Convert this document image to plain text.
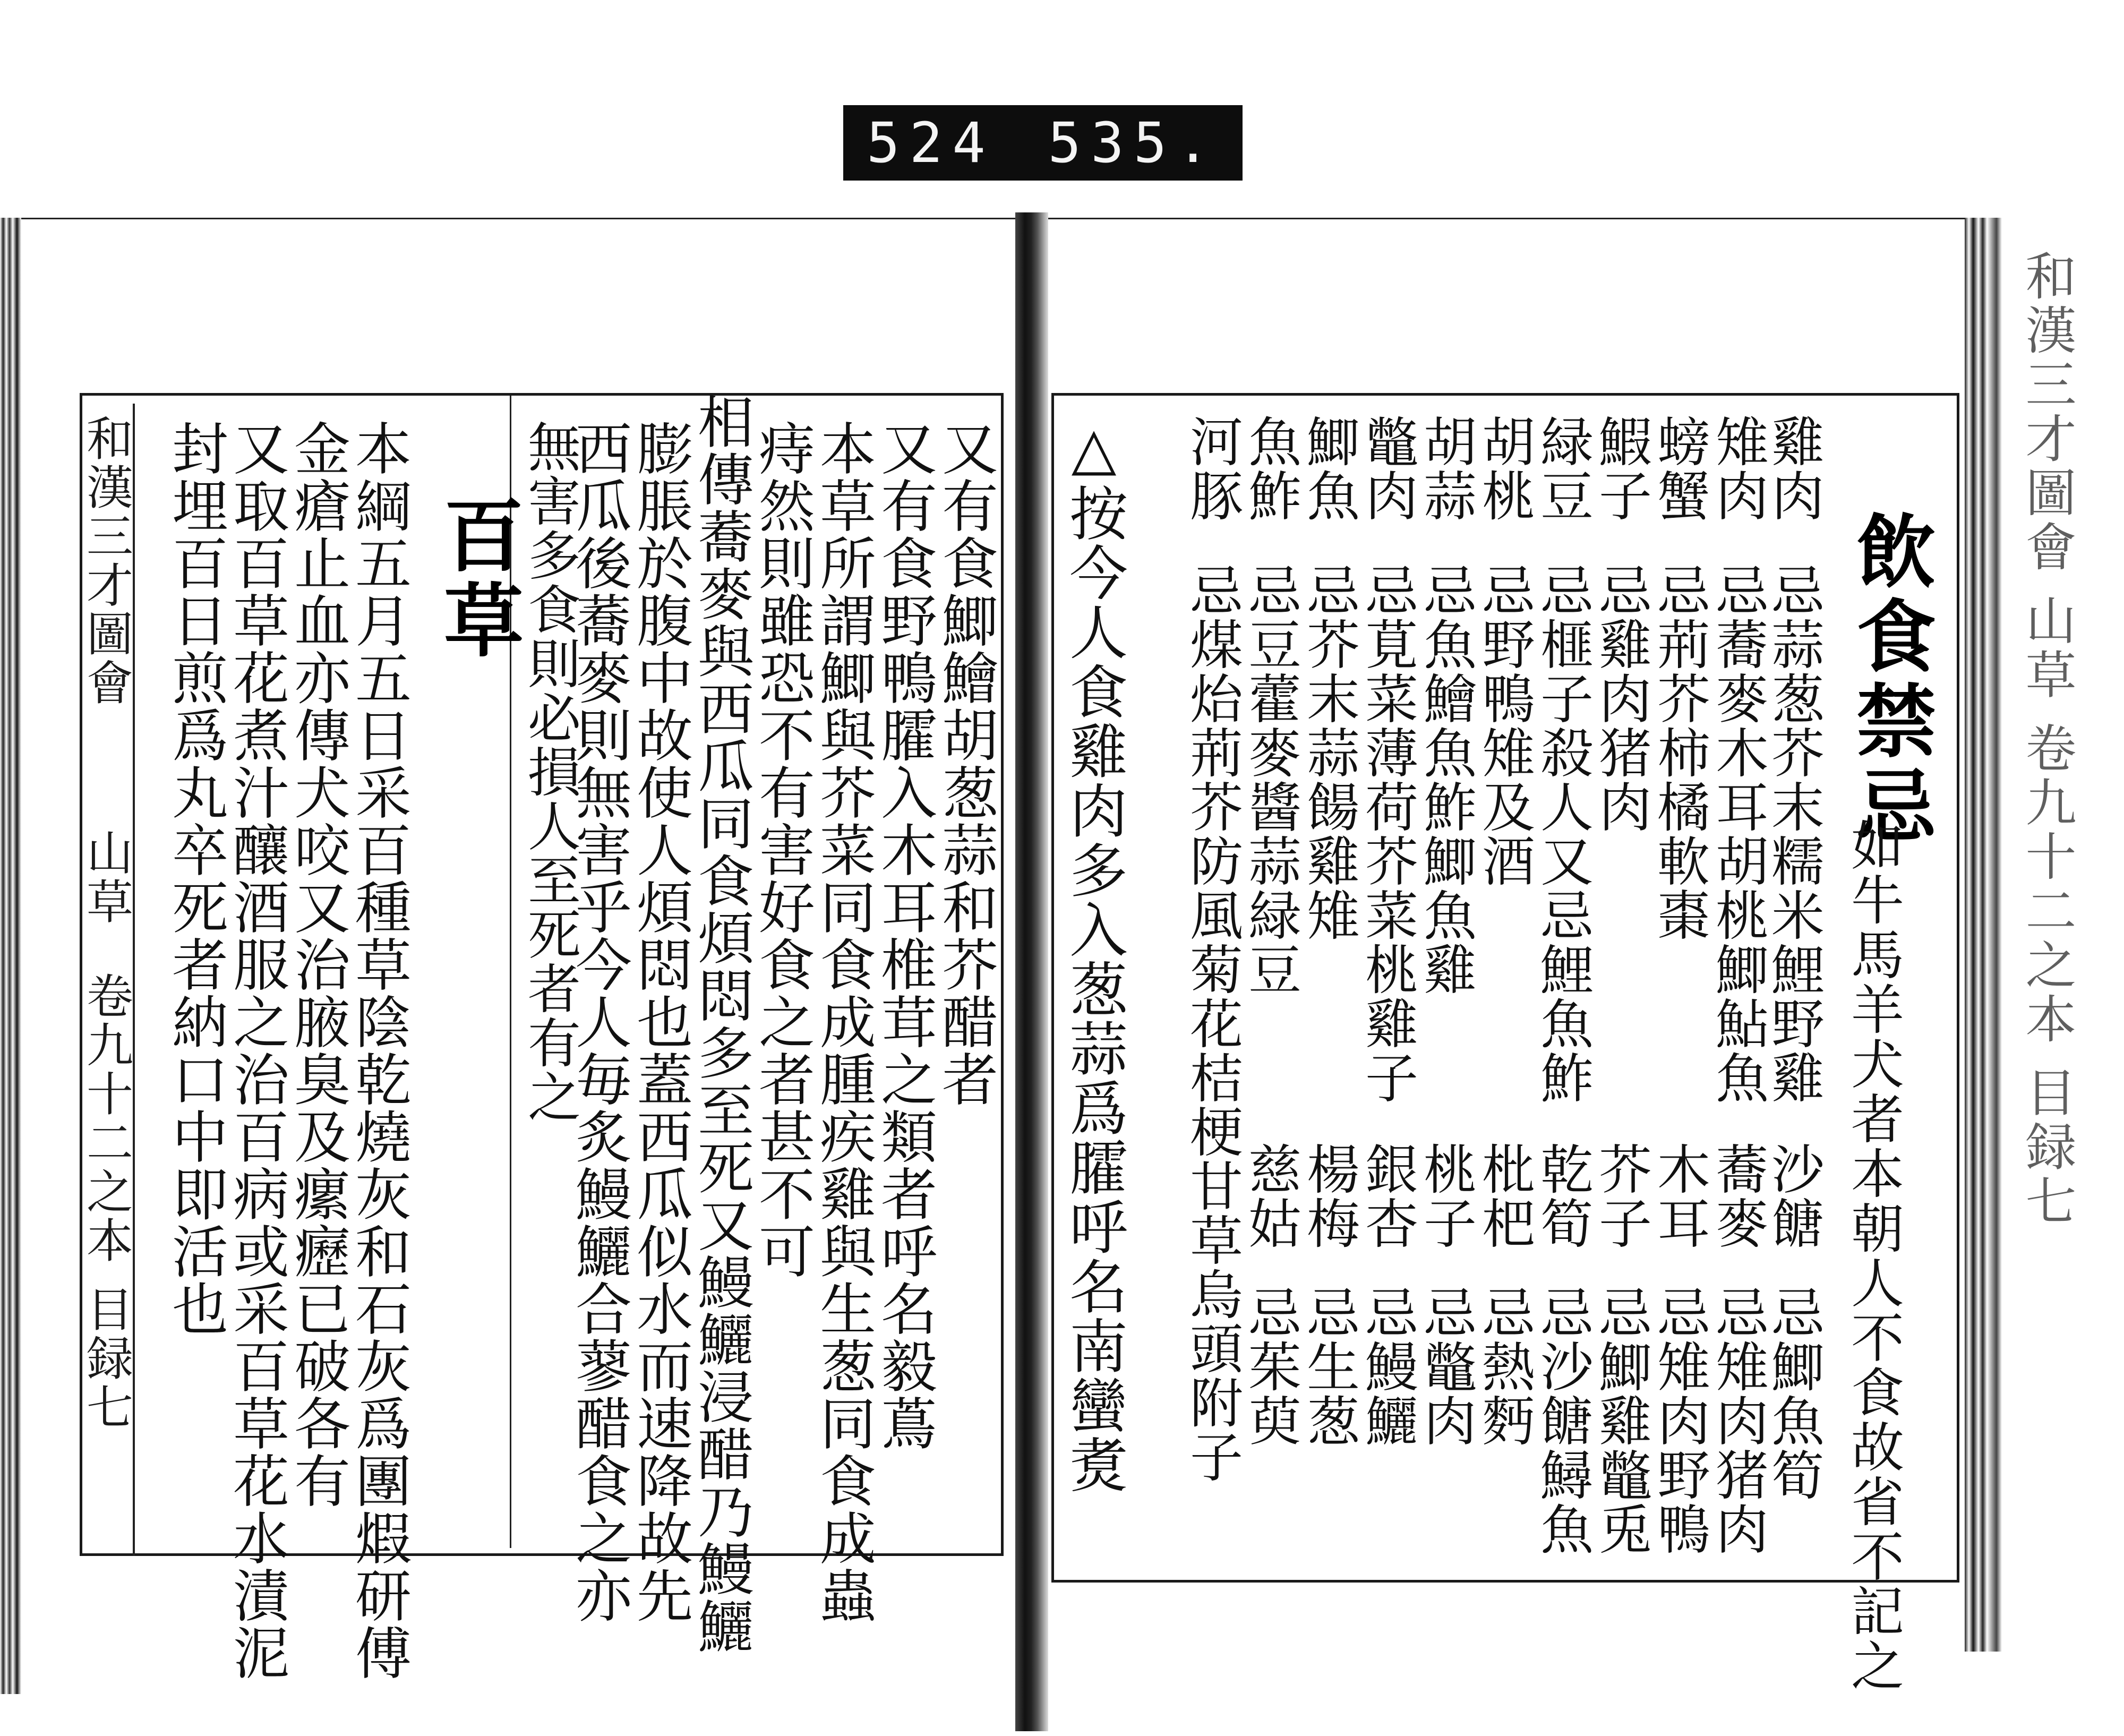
524 535.
和漢三才圖會 山草 卷九十二之本 目録七
和漢三才圖會
山草
卷九十二之本
目録七
百草
本綱五月五日采百種草陰乾燒灰和石灰爲團煆研傅
金瘡止血亦傳犬咬又治腋臭及瘰癧已破各有
又取百草花煮汁釀酒服之治百病或采百草花水漬泥
封埋百日煎爲丸卒死者納口中即活也	又有食鯽鱠胡葱蒜和芥醋者
又有食野鴨臛入木耳椎茸之類者呼名毅蔦
本草所謂鯽與芥菜同食成腫疾雞與生葱同食成蟲
痔然則雖恐不有害好食之者甚不可
相傳蕎麥與西瓜同食煩悶多至死又鰻鱺浸醋乃鰻鱺
膨脹於腹中故使人煩悶也蓋西瓜似水而速降故先
西瓜後蕎麥則無害乎今人毎炙鰻鱺合蓼醋食之亦
無害多食則必損人至死者有之	飲食禁忌
如牛馬羊犬者本朝人不食故省不記之
雞肉
忌蒜葱芥末糯米鯉野雞
雉肉
忌蕎麥木耳胡桃鯽鮎魚
螃蟹
忌荊芥柿橘軟棗
鰕子
忌雞肉猪肉
緑豆
忌榧子殺人又忌鯉魚鮓
胡桃
忌野鴨雉及酒
胡蒜
忌魚鱠魚鮓鯽魚雞
鼈肉
忌莧菜薄荷芥菜桃雞子
鯽魚
忌芥末蒜餳雞雉
魚鮓
忌豆藿麥醬蒜緑豆
河豚
忌煤炲荊芥防風菊花桔梗甘草烏頭附子	沙餹
忌鯽魚筍
蕎麥
忌雉肉猪肉
木耳
忌雉肉野鴨
芥子
忌鯽雞鼈兎
乾筍
忌沙餹鱘魚
枇杷
忌熱麪
桃子
忌鼈肉
銀杏
忌鰻鱺
楊梅
忌生葱
慈姑
忌茱萸
△按今人食雞肉多入葱蒜爲臛呼名南蠻煑
